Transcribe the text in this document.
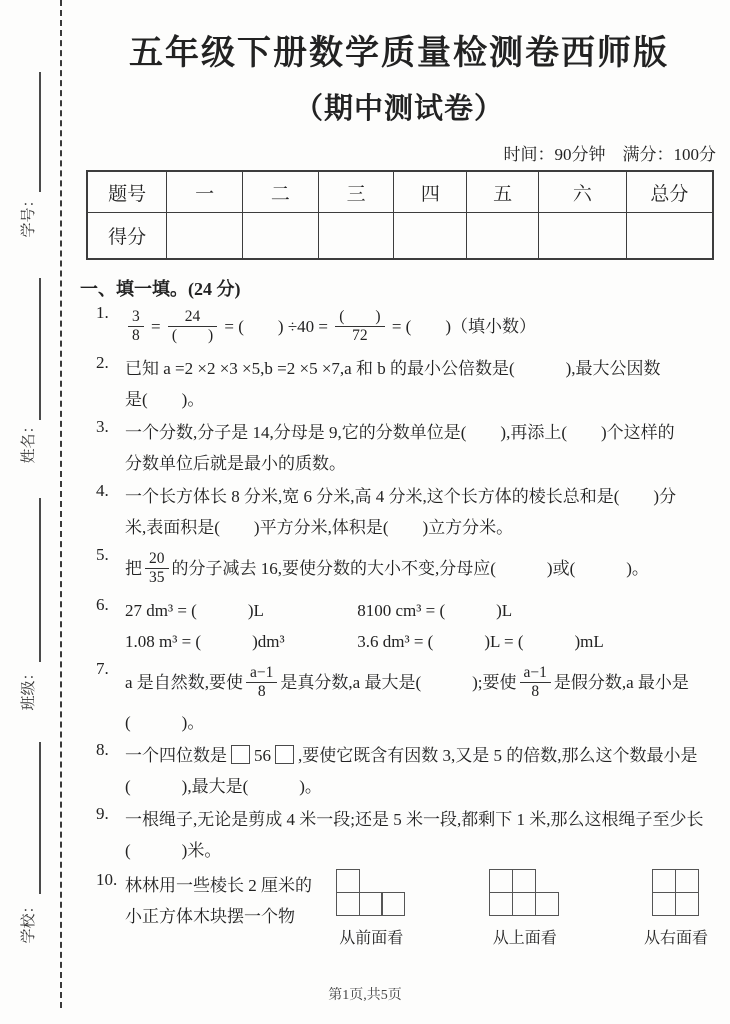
学号：
姓名：
班级：
学校：
五年级下册数学质量检测卷西师版
（期中测试卷）
时间：90分钟　满分：100分
题号	一	二	三	四	五	六	总分
得分							
一、填一填。(24 分)
1. $\frac{3}{8} = \frac{24}{( )}$ = (  ) $\div 40 = \frac{( )}{72}$ = (  )（填小数）
2. 已知 a =2 ×2 ×3 ×5,b =2 ×5 ×7,a 和 b 的最小公倍数是(   ),最大公因数
是(  )。
3. 一个分数,分子是 14,分母是 9,它的分数单位是(  ),再添上(  )个这样的
分数单位后就是最小的质数。
4. 一个长方体长 8 分米,宽 6 分米,高 4 分米,这个长方体的棱长总和是(  )分
米,表面积是(  )平方分米,体积是(  )立方分米。
5.
把 $\frac{20}{35}$ 的分子减去 16,要使分数的大小不变,分母应(   )或(   )。
6. 27 dm³ = (   )L	8100 cm³ = (   )L
1.08 m³ = (   )dm³	3.6 dm³ = (   )L = (   )mL
7.
a 是自然数,要使 $\frac{a-1}{8}$ 是真分数,a 最大是(   );要使 $\frac{a-1}{8}$ 是假分数,a 最小是
(   )。
8. 一个四位数是 56 ,要使它既含有因数 3,又是 5 的倍数,那么这个数最小是
(   ),最大是(   )。
9. 一根绳子,无论是剪成 4 米一段;还是 5 米一段,都剩下 1 米,那么这根绳子至少长
(   )米。
10. 林林用一些棱长 2 厘米的
小正方体木块摆一个物
从前面看	从上面看	从右面看
第1页,共5页
